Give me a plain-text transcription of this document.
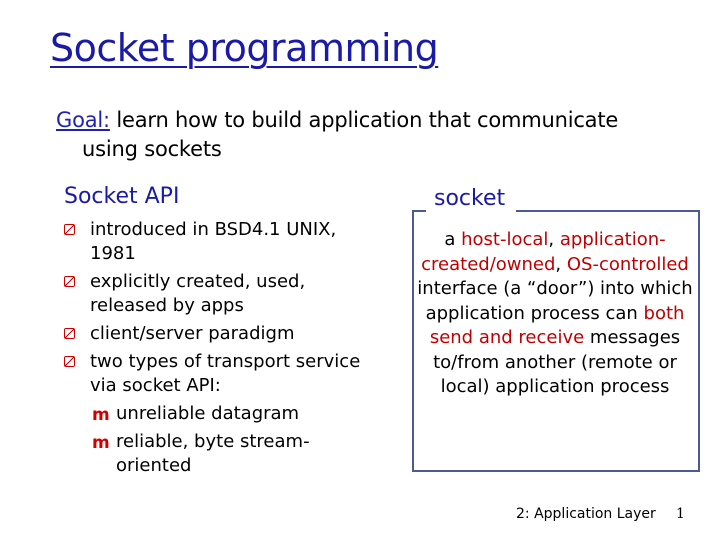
Socket programming
Goal: learn how to build application that communicate
using sockets
Socket API
introduced in BSD4.1 UNIX, 1981
explicitly created, used, released by apps
client/server paradigm
two types of transport service via socket API:
m unreliable datagram
m reliable, byte stream-oriented
socket
a host-local, application-created/owned, OS-controlled interface (a “door”) into which application process can both send and receive messages to/from another (remote or local) application process
2: Application Layer 1
